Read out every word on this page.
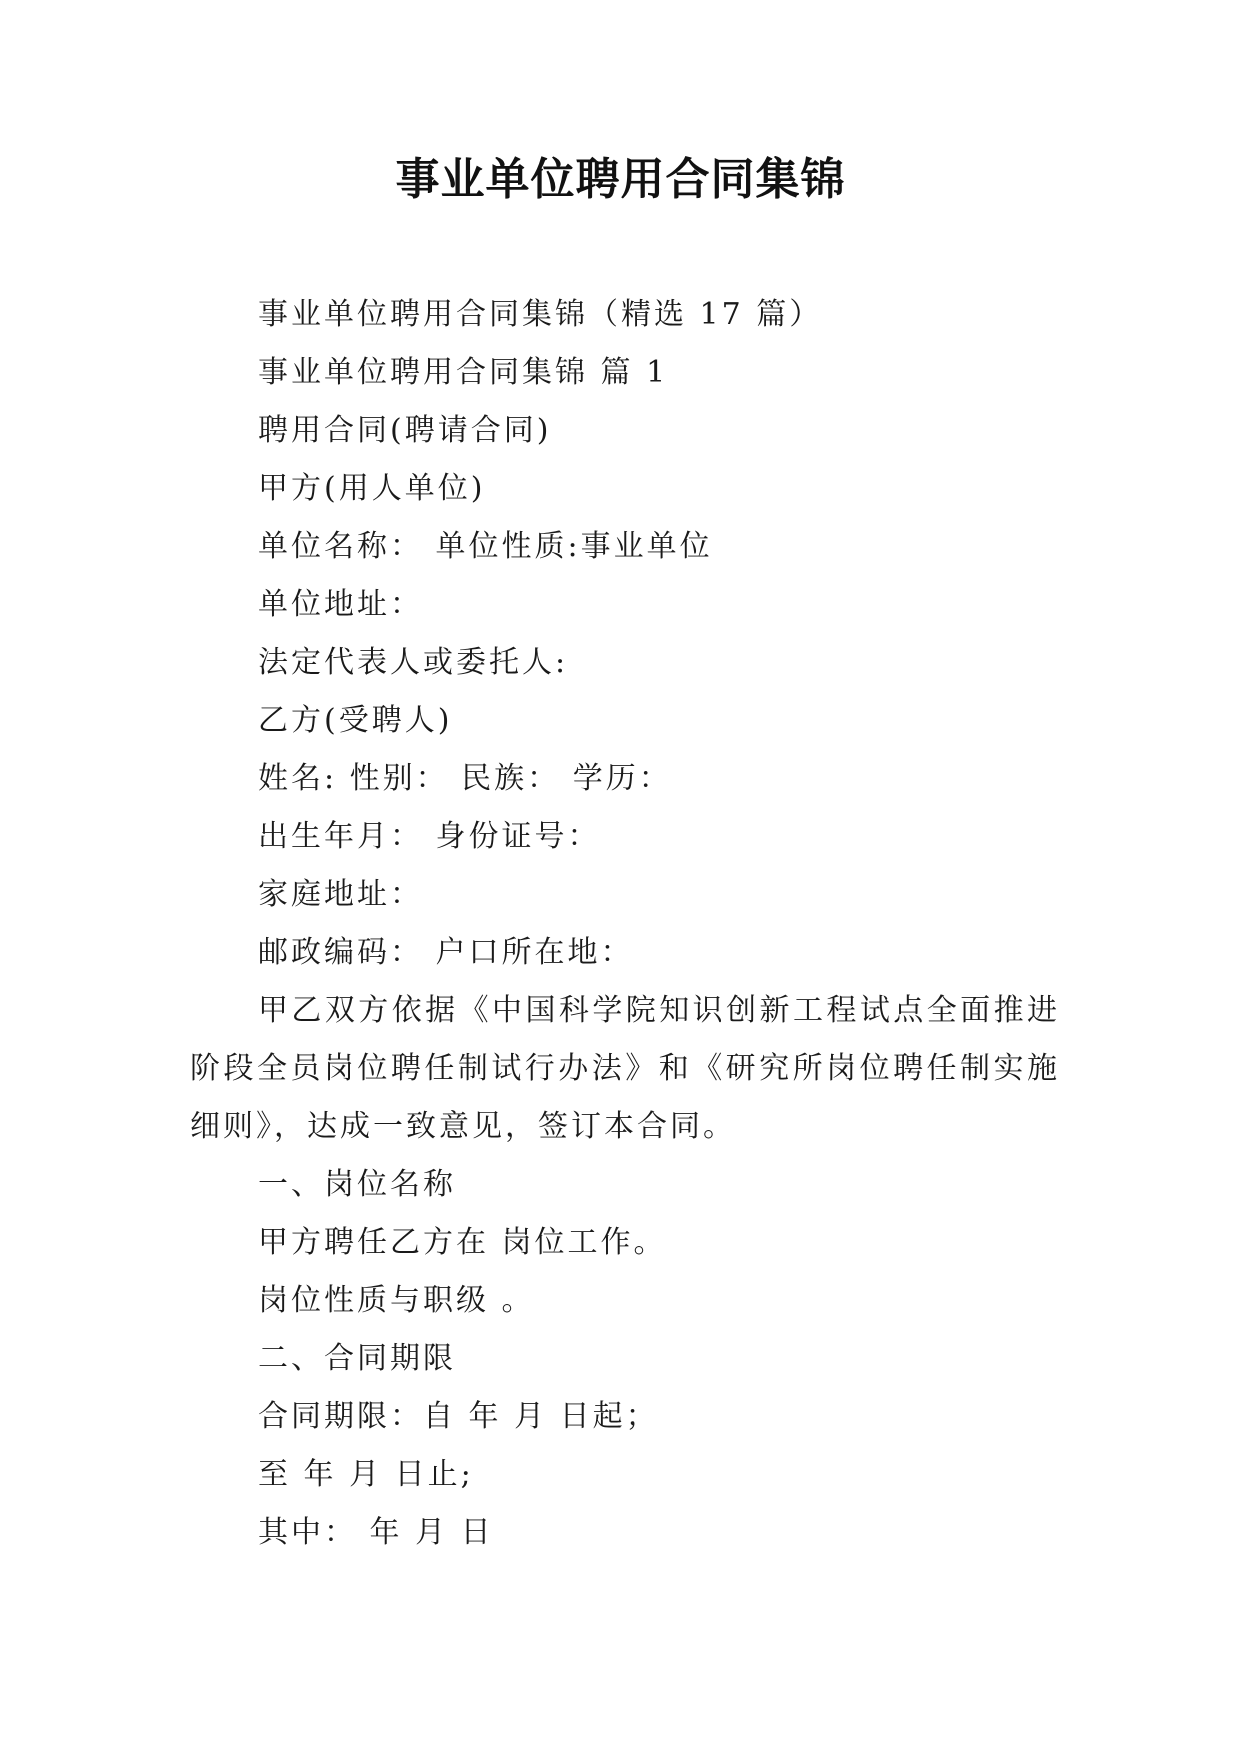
事业单位聘用合同集锦

事业单位聘用合同集锦（精选 17 篇）

事业单位聘用合同集锦 篇 1

聘用合同(聘请合同)

甲方(用人单位)

单位名称： 单位性质:事业单位

单位地址：

法定代表人或委托人:

乙方(受聘人)

姓名: 性别： 民族： 学历：

出生年月： 身份证号：

家庭地址：

邮政编码： 户口所在地：

甲乙双方依据《中国科学院知识创新工程试点全面推进阶段全员岗位聘任制试行办法》和《研究所岗位聘任制实施细则》，达成一致意见，签订本合同。

一、岗位名称

甲方聘任乙方在 岗位工作。

岗位性质与职级 。

二、合同期限

合同期限：自 年 月 日起；

至 年 月 日止;

其中： 年 月 日
